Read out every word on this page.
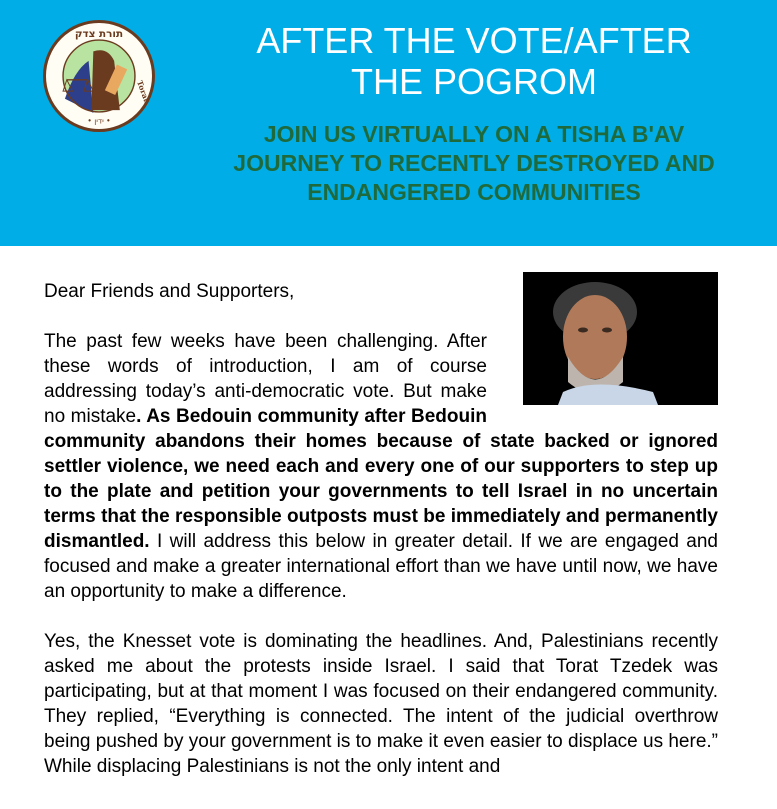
תורת צדק
Torat
• ידין •
AFTER THE VOTE/AFTER THE POGROM
JOIN US VIRTUALLY ON A TISHA B'AV JOURNEY TO RECENTLY DESTROYED AND ENDANGERED COMMUNITIES

Dear Friends and Supporters,

The past few weeks have been challenging. After these words of introduction, I am of course addressing today’s anti-democratic vote. But make no mistake. As Bedouin community after Bedouin community abandons their homes because of state backed or ignored settler violence, we need each and every one of our supporters to step up to the plate and petition your governments to tell Israel in no uncertain terms that the responsible outposts must be immediately and permanently dismantled. I will address this below in greater detail. If we are engaged and focused and make a greater international effort than we have until now, we have an opportunity to make a difference.

Yes, the Knesset vote is dominating the headlines. And, Palestinians recently asked me about the protests inside Israel. I said that Torat Tzedek was participating, but at that moment I was focused on their endangered community. They replied, “Everything is connected. The intent of the judicial overthrow being pushed by your government is to make it even easier to displace us here.” While displacing Palestinians is not the only intent and
